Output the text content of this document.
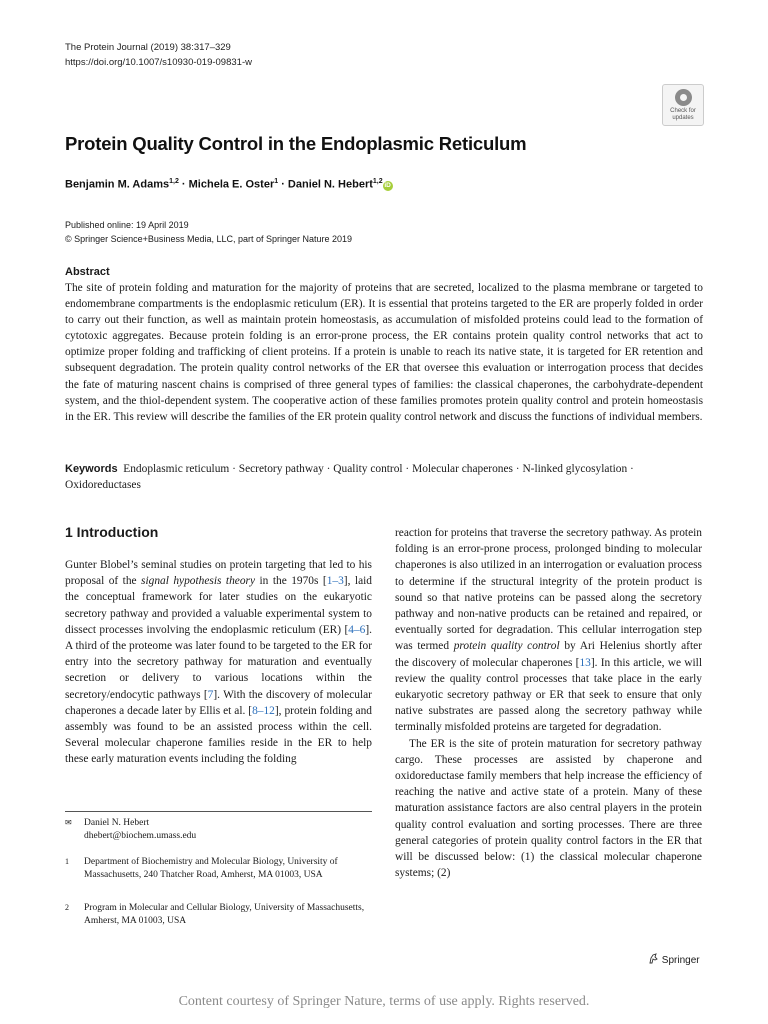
The Protein Journal (2019) 38:317–329
https://doi.org/10.1007/s10930-019-09831-w
Check for
updates
Protein Quality Control in the Endoplasmic Reticulum
Benjamin M. Adams$^{1,2}$ · Michela E. Oster$^1$ · Daniel N. Hebert$^{1,2}$iD
Published online: 19 April 2019
© Springer Science+Business Media, LLC, part of Springer Nature 2019
Abstract
The site of protein folding and maturation for the majority of proteins that are secreted, localized to the plasma membrane or targeted to endomembrane compartments is the endoplasmic reticulum (ER). It is essential that proteins targeted to the ER are properly folded in order to carry out their function, as well as maintain protein homeostasis, as accumulation of misfolded proteins could lead to the formation of cytotoxic aggregates. Because protein folding is an error-prone process, the ER contains protein quality control networks that act to optimize proper folding and trafficking of client proteins. If a protein is unable to reach its native state, it is targeted for ER retention and subsequent degradation. The protein quality control networks of the ER that oversee this evaluation or interrogation process that decides the fate of maturing nascent chains is comprised of three general types of families: the classical chaperones, the carbohydrate-dependent system, and the thiol-dependent system. The cooperative action of these families promotes protein quality control and protein homeostasis in the ER. This review will describe the families of the ER protein quality control network and discuss the functions of individual members.
Keywords Endoplasmic reticulum · Secretory pathway · Quality control · Molecular chaperones · N-linked glycosylation · Oxidoreductases
1 Introduction
Gunter Blobel’s seminal studies on protein targeting that led to his proposal of the signal hypothesis theory in the 1970s [1–3], laid the conceptual framework for later studies on the eukaryotic secretory pathway and provided a valuable experimental system to dissect processes involving the endoplasmic reticulum (ER) [4–6]. A third of the proteome was later found to be targeted to the ER for entry into the secretory pathway for maturation and eventually secretion or delivery to various locations within the secretory/endocytic pathways [7]. With the discovery of molecular chaperones a decade later by Ellis et al. [8–12], protein folding and assembly was found to be an assisted process within the cell. Several molecular chaperone families reside in the ER to help these early maturation events including the folding

reaction for proteins that traverse the secretory pathway. As protein folding is an error-prone process, prolonged binding to molecular chaperones is also utilized in an interrogation or evaluation process to determine if the structural integrity of the protein product is sound so that native proteins can be passed along the secretory pathway and non-native products can be retained and repaired, or eventually sorted for degradation. This cellular interrogation step was termed protein quality control by Ari Helenius shortly after the discovery of molecular chaperones [13]. In this article, we will review the quality control processes that take place in the early eukaryotic secretory pathway or ER that seek to ensure that only native substrates are passed along the secretory pathway while terminally misfolded proteins are targeted for degradation.

The ER is the site of protein maturation for secretory pathway cargo. These processes are assisted by chaperone and oxidoreductase family members that help increase the efficiency of reaching the native and active state of a protein. Many of these maturation assistance factors are also central players in the protein quality control evaluation and sorting processes. There are three general categories of protein quality control factors in the ER that will be discussed below: (1) the classical molecular chaperone systems; (2)

✉ Daniel N. Hebert
dhebert@biochem.umass.edu
1 Department of Biochemistry and Molecular Biology, University of Massachusetts, 240 Thatcher Road, Amherst, MA 01003, USA
2 Program in Molecular and Cellular Biology, University of Massachusetts, Amherst, MA 01003, USA
Springer
Content courtesy of Springer Nature, terms of use apply. Rights reserved.
